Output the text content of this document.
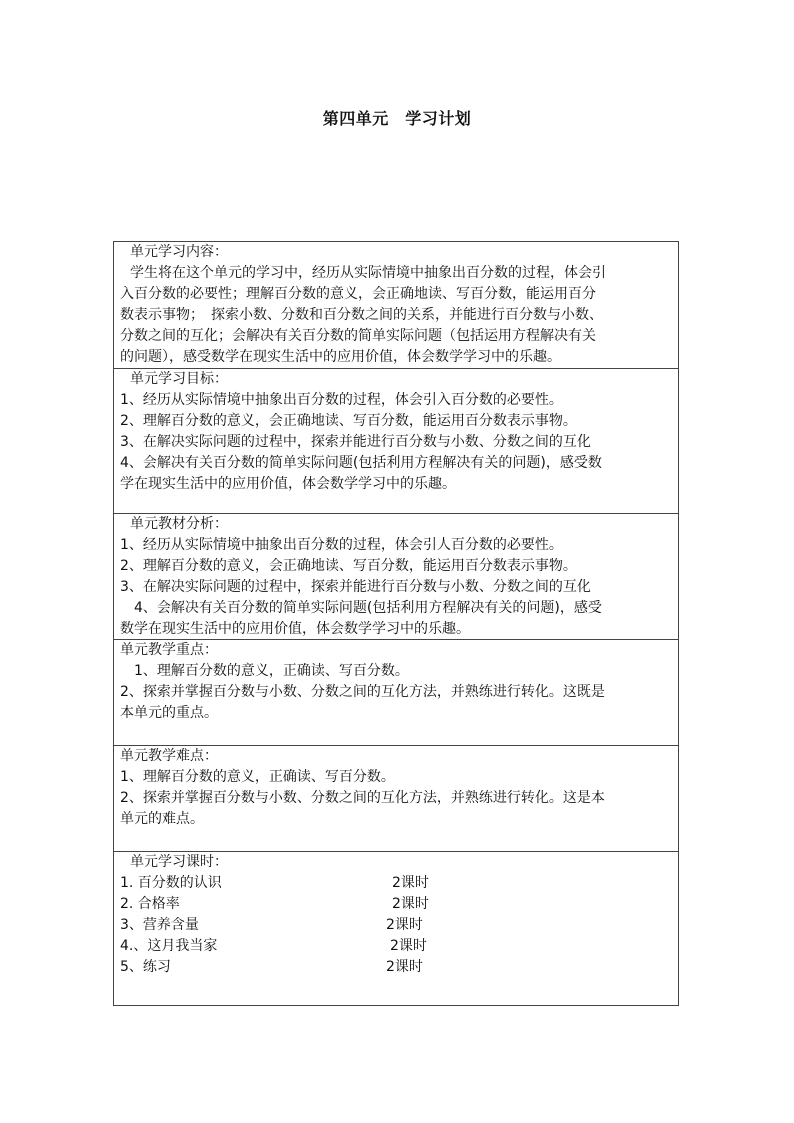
第四单元　学习计划
单元学习内容：
学生将在这个单元的学习中，经历从实际情境中抽象出百分数的过程，体会引
入百分数的必要性；理解百分数的意义，会正确地读、写百分数，能运用百分
数表示事物；　探索小数、分数和百分数之间的关系，并能进行百分数与小数、
分数之间的互化；会解决有关百分数的简单实际问题（包括运用方程解决有关
的问题），感受数学在现实生活中的应用价值，体会数学学习中的乐趣。
单元学习目标：
1、经历从实际情境中抽象出百分数的过程，体会引入百分数的必要性。
2、理解百分数的意义，会正确地读、写百分数，能运用百分数表示事物。
3、在解决实际问题的过程中，探索并能进行百分数与小数、分数之间的互化
4、会解决有关百分数的简单实际问题(包括利用方程解决有关的问题)，感受数
学在现实生活中的应用价值，体会数学学习中的乐趣。
单元教材分析：
1、经历从实际情境中抽象出百分数的过程，体会引人百分数的必要性。
2、理解百分数的意义，会正确地读、写百分数，能运用百分数表示事物。
3、在解决实际问题的过程中，探索并能进行百分数与小数、分数之间的互化
4、会解决有关百分数的简单实际问题(包括利用方程解决有关的问题)，感受
数学在现实生活中的应用价值，体会数学学习中的乐趣。
单元教学重点：
1、理解百分数的意义，正确读、写百分数。
2、探索并掌握百分数与小数、分数之间的互化方法，并熟练进行转化。这既是
本单元的重点。
单元教学难点：
1、理解百分数的意义，正确读、写百分数。
2、探索并掌握百分数与小数、分数之间的互化方法，并熟练进行转化。这是本
单元的难点。
单元学习课时：
1. 百分数的认识	2课时
2. 合格率	2课时
3、营养含量	2课时
4.、这月我当家	2课时
5、练习	2课时
